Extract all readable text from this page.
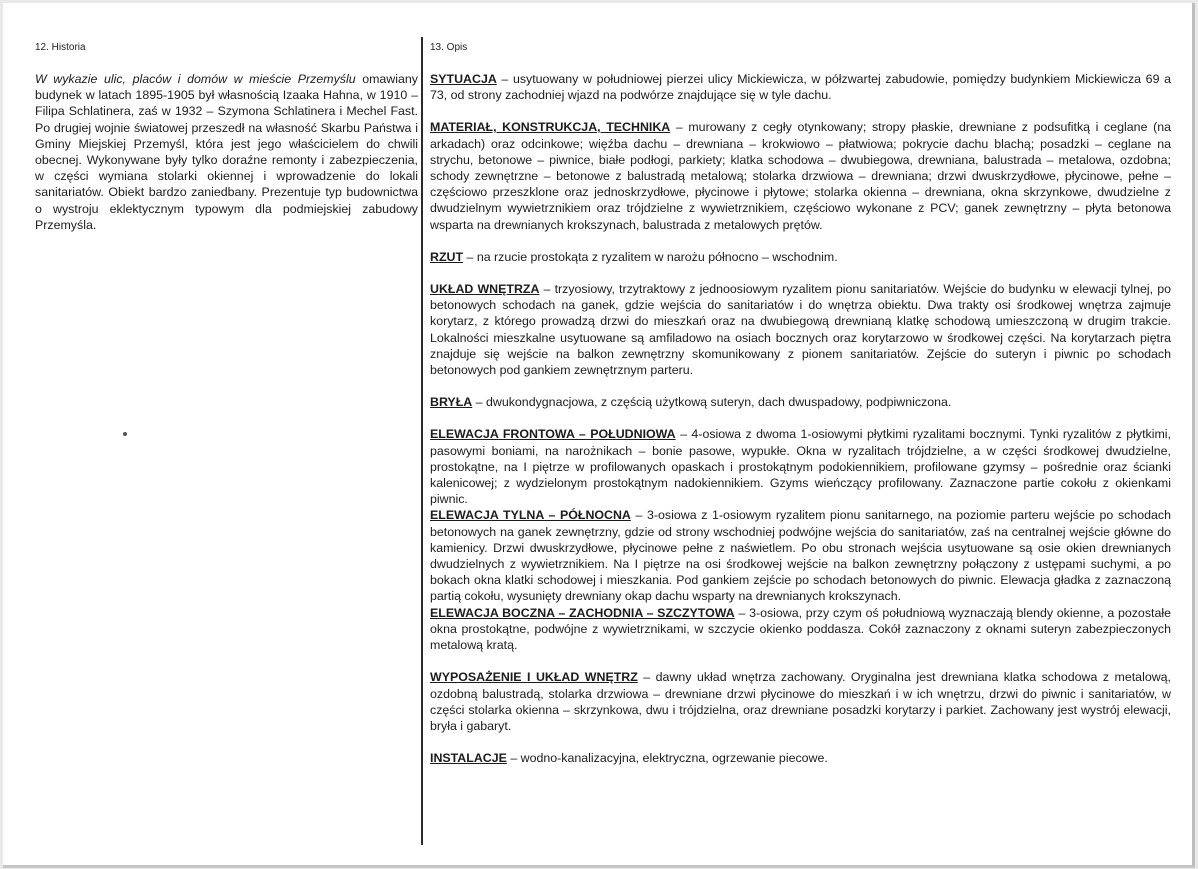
12. Historia

W wykazie ulic, placów i domów w mieście Przemyślu omawiany budynek w latach 1895-1905 był własnością Izaaka Hahna, w 1910 – Filipa Schlatinera, zaś w 1932 – Szymona Schlatinera i Mechel Fast. Po drugiej wojnie światowej przeszedł na własność Skarbu Państwa i Gminy Miejskiej Przemyśl, która jest jego właścicielem do chwili obecnej. Wykonywane były tylko doraźne remonty i zabezpieczenia, w części wymiana stolarki okiennej i wprowadzenie do lokali sanitariatów. Obiekt bardzo zaniedbany. Prezentuje typ budownictwa o wystroju eklektycznym typowym dla podmiejskiej zabudowy Przemyśla.

13. Opis

SYTUACJA – usytuowany w południowej pierzei ulicy Mickiewicza, w półzwartej zabudowie, pomiędzy budynkiem Mickiewicza 69 a 73, od strony zachodniej wjazd na podwórze znajdujące się w tyle dachu.

MATERIAŁ, KONSTRUKCJA, TECHNIKA – murowany z cegły otynkowany; stropy płaskie, drewniane z podsufitką i ceglane (na arkadach) oraz odcinkowe; więźba dachu – drewniana – krokwiowo – płatwiowa; pokrycie dachu blachą; posadzki – ceglane na strychu, betonowe – piwnice, białe podłogi, parkiety; klatka schodowa – dwubiegowa, drewniana, balustrada – metalowa, ozdobna; schody zewnętrzne – betonowe z balustradą metalową; stolarka drzwiowa – drewniana; drzwi dwuskrzydłowe, płycinowe, pełne – częściowo przeszklone oraz jednoskrzydłowe, płycinowe i płytowe; stolarka okienna – drewniana, okna skrzynkowe, dwudzielne z dwudzielnym wywietrznikiem oraz trójdzielne z wywietrznikiem, częściowo wykonane z PCV; ganek zewnętrzny – płyta betonowa wsparta na drewnianych krokszynach, balustrada z metalowych prętów.

RZUT – na rzucie prostokąta z ryzalitem w narożu północno – wschodnim.

UKŁAD WNĘTRZA – trzyosiowy, trzytraktowy z jednoosiowym ryzalitem pionu sanitariatów. Wejście do budynku w elewacji tylnej, po betonowych schodach na ganek, gdzie wejścia do sanitariatów i do wnętrza obiektu. Dwa trakty osi środkowej wnętrza zajmuje korytarz, z którego prowadzą drzwi do mieszkań oraz na dwubiegową drewnianą klatkę schodową umieszczoną w drugim trakcie. Lokalności mieszkalne usytuowane są amfiladowo na osiach bocznych oraz korytarzowo w środkowej części. Na korytarzach piętra znajduje się wejście na balkon zewnętrzny skomunikowany z pionem sanitariatów. Zejście do suteryn i piwnic po schodach betonowych pod gankiem zewnętrznym parteru.

BRYŁA – dwukondygnacjowa, z częścią użytkową suteryn, dach dwuspadowy, podpiwniczona.

ELEWACJA FRONTOWA – POŁUDNIOWA – 4-osiowa z dwoma 1-osiowymi płytkimi ryzalitami bocznymi. Tynki ryzalitów z płytkimi, pasowymi boniami, na narożnikach – bonie pasowe, wypukłe. Okna w ryzalitach trójdzielne, a w części środkowej dwudzielne, prostokątne, na I piętrze w profilowanych opaskach i prostokątnym podokiennikiem, profilowane gzymsy – pośrednie oraz ścianki kalenicowej; z wydzielonym prostokątnym nadokiennikiem. Gzyms wieńczący profilowany. Zaznaczone partie cokołu z okienkami piwnic.

ELEWACJA TYLNA – PÓŁNOCNA – 3-osiowa z 1-osiowym ryzalitem pionu sanitarnego, na poziomie parteru wejście po schodach betonowych na ganek zewnętrzny, gdzie od strony wschodniej podwójne wejścia do sanitariatów, zaś na centralnej wejście główne do kamienicy. Drzwi dwuskrzydłowe, płycinowe pełne z naświetlem. Po obu stronach wejścia usytuowane są osie okien drewnianych dwudzielnych z wywietrznikiem. Na I piętrze na osi środkowej wejście na balkon zewnętrzny połączony z ustępami suchymi, a po bokach okna klatki schodowej i mieszkania. Pod gankiem zejście po schodach betonowych do piwnic. Elewacja gładka z zaznaczoną partią cokołu, wysunięty drewniany okap dachu wsparty na drewnianych krokszynach.

ELEWACJA BOCZNA – ZACHODNIA – SZCZYTOWA – 3-osiowa, przy czym oś południową wyznaczają blendy okienne, a pozostałe okna prostokątne, podwójne z wywietrznikami, w szczycie okienko poddasza. Cokół zaznaczony z oknami suteryn zabezpieczonych metalową kratą.

WYPOSAŻENIE I UKŁAD WNĘTRZ – dawny układ wnętrza zachowany. Oryginalna jest drewniana klatka schodowa z metalową, ozdobną balustradą, stolarka drzwiowa – drewniane drzwi płycinowe do mieszkań i w ich wnętrzu, drzwi do piwnic i sanitariatów, w części stolarka okienna – skrzynkowa, dwu i trójdzielna, oraz drewniane posadzki korytarzy i parkiet. Zachowany jest wystrój elewacji, bryła i gabaryt.

INSTALACJE – wodno-kanalizacyjna, elektryczna, ogrzewanie piecowe.
